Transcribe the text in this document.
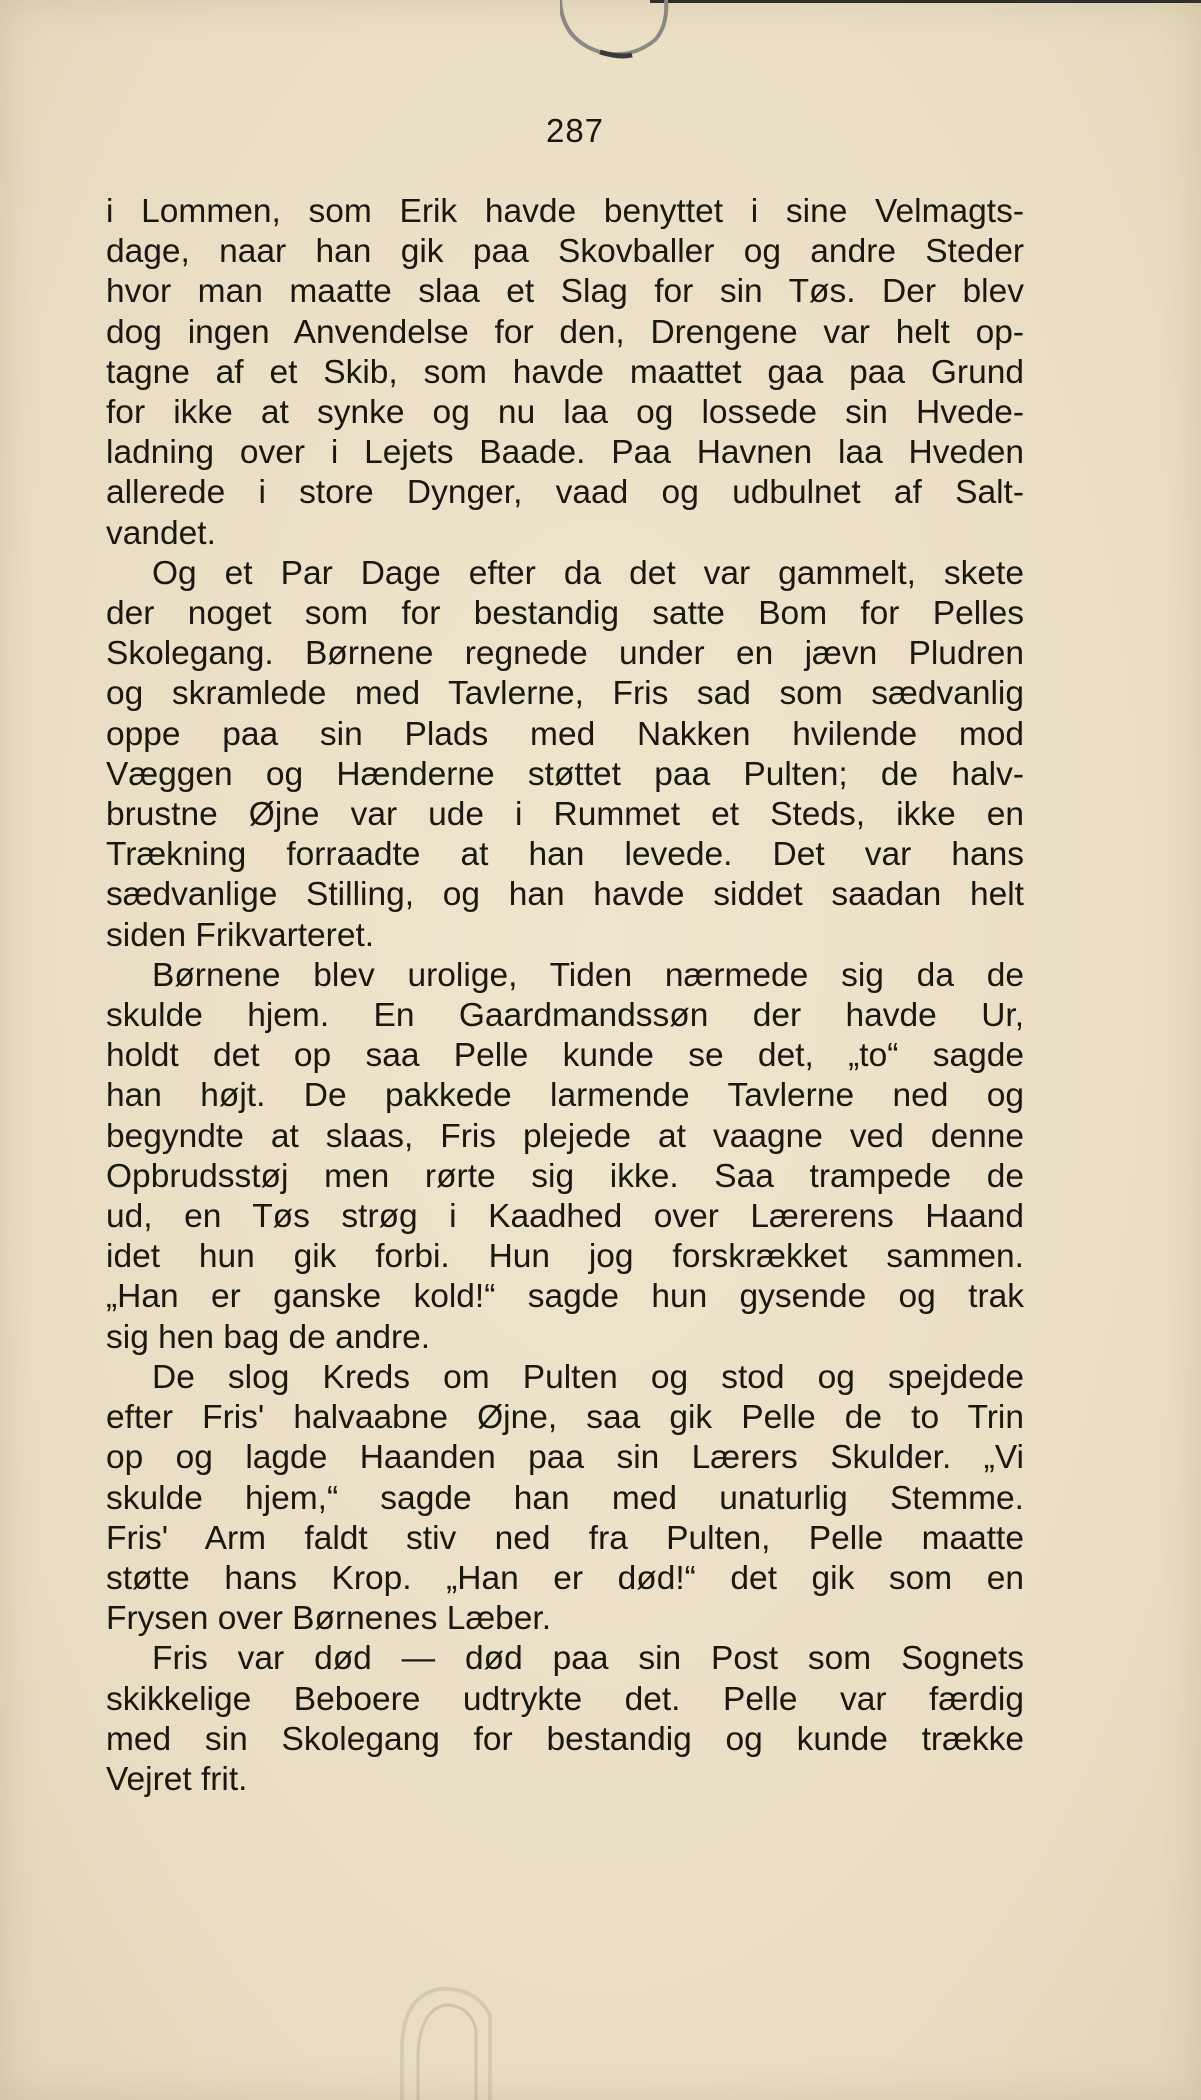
287
i Lommen, som Erik havde benyttet i sine Velmagts-
dage, naar han gik paa Skovballer og andre Steder
hvor man maatte slaa et Slag for sin Tøs. Der blev
dog ingen Anvendelse for den, Drengene var helt op-
tagne af et Skib, som havde maattet gaa paa Grund
for ikke at synke og nu laa og lossede sin Hvede-
ladning over i Lejets Baade. Paa Havnen laa Hveden
allerede i store Dynger, vaad og udbulnet af Salt-
vandet.
Og et Par Dage efter da det var gammelt, skete
der noget som for bestandig satte Bom for Pelles
Skolegang. Børnene regnede under en jævn Pludren
og skramlede med Tavlerne, Fris sad som sædvanlig
oppe paa sin Plads med Nakken hvilende mod
Væggen og Hænderne støttet paa Pulten; de halv-
brustne Øjne var ude i Rummet et Steds, ikke en
Trækning forraadte at han levede. Det var hans
sædvanlige Stilling, og han havde siddet saadan helt
siden Frikvarteret.
Børnene blev urolige, Tiden nærmede sig da de
skulde hjem. En Gaardmandssøn der havde Ur,
holdt det op saa Pelle kunde se det, „to“ sagde
han højt. De pakkede larmende Tavlerne ned og
begyndte at slaas, Fris plejede at vaagne ved denne
Opbrudsstøj men rørte sig ikke. Saa trampede de
ud, en Tøs strøg i Kaadhed over Lærerens Haand
idet hun gik forbi. Hun jog forskrækket sammen.
„Han er ganske kold!“ sagde hun gysende og trak
sig hen bag de andre.
De slog Kreds om Pulten og stod og spejdede
efter Fris' halvaabne Øjne, saa gik Pelle de to Trin
op og lagde Haanden paa sin Lærers Skulder. „Vi
skulde hjem,“ sagde han med unaturlig Stemme.
Fris' Arm faldt stiv ned fra Pulten, Pelle maatte
støtte hans Krop. „Han er død!“ det gik som en
Frysen over Børnenes Læber.
Fris var død — død paa sin Post som Sognets
skikkelige Beboere udtrykte det. Pelle var færdig
med sin Skolegang for bestandig og kunde trække
Vejret frit.
